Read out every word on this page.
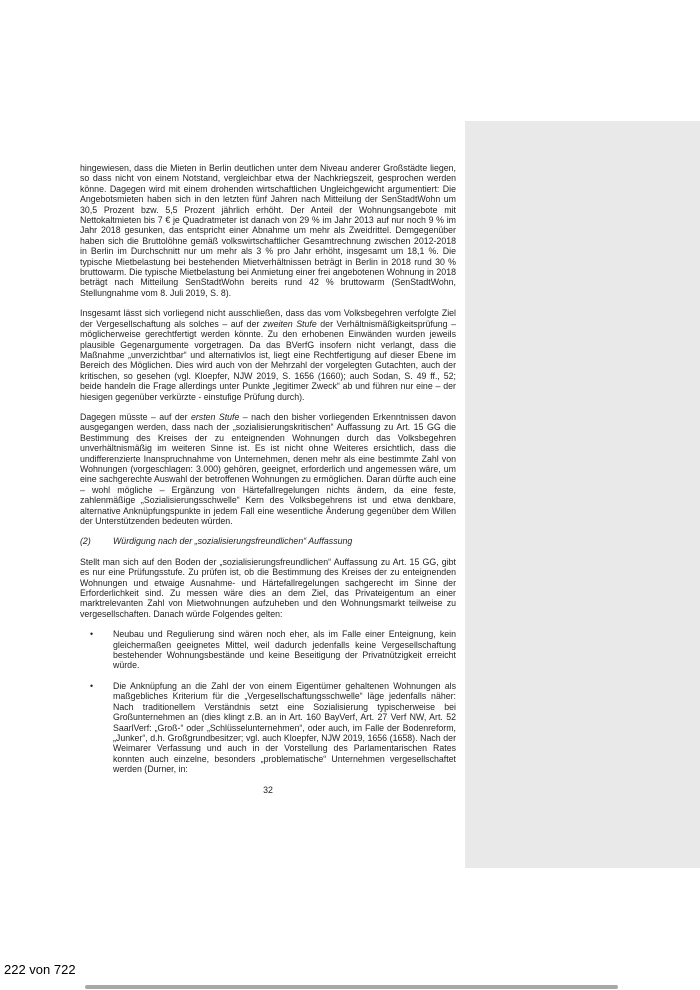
hingewiesen, dass die Mieten in Berlin deutlichen unter dem Niveau anderer Großstädte liegen, so dass nicht von einem Notstand, vergleichbar etwa der Nachkriegszeit, gesprochen werden könne. Dagegen wird mit einem drohenden wirtschaftlichen Ungleichgewicht argumentiert: Die Angebotsmieten haben sich in den letzten fünf Jahren nach Mitteilung der SenStadtWohn um 30,5 Prozent bzw. 5,5 Prozent jährlich erhöht. Der Anteil der Wohnungsangebote mit Nettokaltmieten bis 7 € je Quadratmeter ist danach von 29 % im Jahr 2013 auf nur noch 9 % im Jahr 2018 gesunken, das entspricht einer Abnahme um mehr als Zweidrittel. Demgegenüber haben sich die Bruttolöhne gemäß volkswirtschaftlicher Gesamtrechnung zwischen 2012-2018 in Berlin im Durchschnitt nur um mehr als 3 % pro Jahr erhöht, insgesamt um 18,1 %. Die typische Mietbelastung bei bestehenden Mietverhältnissen beträgt in Berlin in 2018 rund 30 % bruttowarm. Die typische Mietbelastung bei Anmietung einer frei angebotenen Wohnung in 2018 beträgt nach Mitteilung SenStadtWohn bereits rund 42 % bruttowarm (SenStadtWohn, Stellungnahme vom 8. Juli 2019, S. 8).

Insgesamt lässt sich vorliegend nicht ausschließen, dass das vom Volksbegehren verfolgte Ziel der Vergesellschaftung als solches – auf der zweiten Stufe der Verhältnismäßigkeitsprüfung – möglicherweise gerechtfertigt werden könnte. Zu den erhobenen Einwänden wurden jeweils plausible Gegenargumente vorgetragen. Da das BVerfG insofern nicht verlangt, dass die Maßnahme „unverzichtbar“ und alternativlos ist, liegt eine Rechtfertigung auf dieser Ebene im Bereich des Möglichen. Dies wird auch von der Mehrzahl der vorgelegten Gutachten, auch der kritischen, so gesehen (vgl. Kloepfer, NJW 2019, S. 1656 (1660); auch Sodan, S. 49 ff., 52; beide handeln die Frage allerdings unter Punkte „legitimer Zweck“ ab und führen nur eine – der hiesigen gegenüber verkürzte - einstufige Prüfung durch).

Dagegen müsste – auf der ersten Stufe – nach den bisher vorliegenden Erkenntnissen davon ausgegangen werden, dass nach der „sozialisierungskritischen“ Auffassung zu Art. 15 GG die Bestimmung des Kreises der zu enteignenden Wohnungen durch das Volksbegehren unverhältnismäßig im weiteren Sinne ist. Es ist nicht ohne Weiteres ersichtlich, dass die undifferenzierte Inanspruchnahme von Unternehmen, denen mehr als eine bestimmte Zahl von Wohnungen (vorgeschlagen: 3.000) gehören, geeignet, erforderlich und angemessen wäre, um eine sachgerechte Auswahl der betroffenen Wohnungen zu ermöglichen. Daran dürfte auch eine – wohl mögliche – Ergänzung von Härtefallregelungen nichts ändern, da eine feste, zahlenmäßige „Sozialisierungsschwelle“ Kern des Volksbegehrens ist und etwa denkbare, alternative Anknüpfungspunkte in jedem Fall eine wesentliche Änderung gegenüber dem Willen der Unterstützenden bedeuten würden.

(2)	Würdigung nach der „sozialisierungsfreundlichen“ Auffassung

Stellt man sich auf den Boden der „sozialisierungsfreundlichen“ Auffassung zu Art. 15 GG, gibt es nur eine Prüfungsstufe. Zu prüfen ist, ob die Bestimmung des Kreises der zu enteignenden Wohnungen und etwaige Ausnahme- und Härtefallregelungen sachgerecht im Sinne der Erforderlichkeit sind. Zu messen wäre dies an dem Ziel, das Privateigentum an einer marktrelevanten Zahl von Mietwohnungen aufzuheben und den Wohnungsmarkt teilweise zu vergesellschaften. Danach würde Folgendes gelten:

•	Neubau und Regulierung sind wären noch eher, als im Falle einer Enteignung, kein gleichermaßen geeignetes Mittel, weil dadurch jedenfalls keine Vergesellschaftung bestehender Wohnungsbestände und keine Beseitigung der Privatnützigkeit erreicht würde.
•	Die Anknüpfung an die Zahl der von einem Eigentümer gehaltenen Wohnungen als maßgebliches Kriterium für die „Vergesellschaftungsschwelle“ läge jedenfalls näher: Nach traditionellem Verständnis setzt eine Sozialisierung typischerweise bei Großunternehmen an (dies klingt z.B. an in Art. 160 BayVerf, Art. 27 Verf NW, Art. 52 SaarlVerf: „Groß-“ oder „Schlüsselunternehmen“, oder auch, im Falle der Bodenreform, „Junker“, d.h. Großgrundbesitzer; vgl. auch Kloepfer, NJW 2019, 1656 (1658). Nach der Weimarer Verfassung und auch in der Vorstellung des Parlamentarischen Rates konnten auch einzelne, besonders „problematische“ Unternehmen vergesellschaftet werden (Durner, in:
32
222 von 722
